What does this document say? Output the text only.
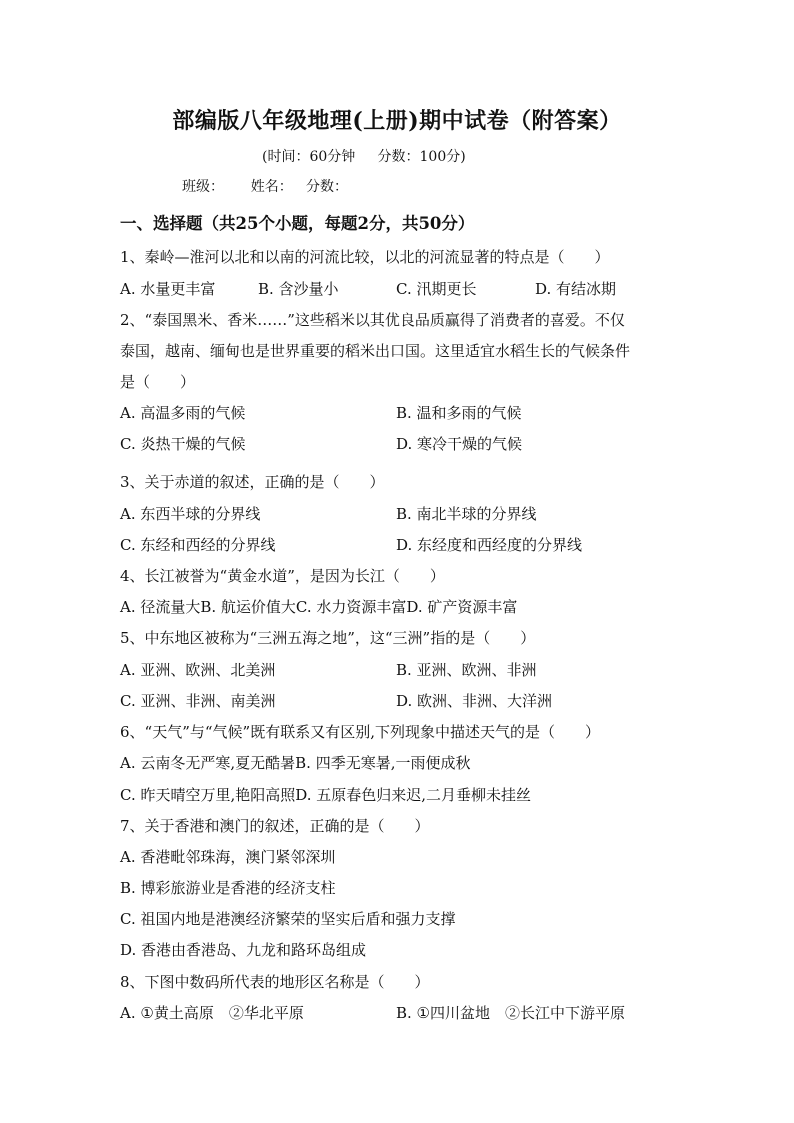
部编版八年级地理(上册)期中试卷（附答案）
(时间：60分钟     分数：100分)
班级：      姓名：   分数：
一、选择题（共25个小题，每题2分，共50分）
1、秦岭—淮河以北和以南的河流比较，以北的河流显著的特点是（　　）
A. 水量更丰富	B. 含沙量小	C. 汛期更长	D. 有结冰期
2、“泰国黑米、香米……”这些稻米以其优良品质赢得了消费者的喜爱。不仅
泰国，越南、缅甸也是世界重要的稻米出口国。这里适宜水稻生长的气候条件
是（　　）
A. 高温多雨的气候	B. 温和多雨的气候
C. 炎热干燥的气候	D. 寒冷干燥的气候
3、关于赤道的叙述，正确的是（　　）
A. 东西半球的分界线	B. 南北半球的分界线
C. 东经和西经的分界线	D. 东经度和西经度的分界线
4、长江被誉为“黄金水道”，是因为长江（　　）
A. 径流量大B. 航运价值大C. 水力资源丰富D. 矿产资源丰富
5、中东地区被称为“三洲五海之地”，这“三洲”指的是（　　）
A. 亚洲、欧洲、北美洲	B. 亚洲、欧洲、非洲
C. 亚洲、非洲、南美洲	D. 欧洲、非洲、大洋洲
6、“天气”与“气候”既有联系又有区别,下列现象中描述天气的是（　　）
A. 云南冬无严寒,夏无酷暑B. 四季无寒暑,一雨便成秋
C. 昨天晴空万里,艳阳高照D. 五原春色归来迟,二月垂柳未挂丝
7、关于香港和澳门的叙述，正确的是（　　）
A. 香港毗邻珠海，澳门紧邻深圳
B. 博彩旅游业是香港的经济支柱
C. 祖国内地是港澳经济繁荣的坚实后盾和强力支撑
D. 香港由香港岛、九龙和路环岛组成
8、下图中数码所代表的地形区名称是（　　）
A. ①黄土高原　②华北平原	B. ①四川盆地　②长江中下游平原
